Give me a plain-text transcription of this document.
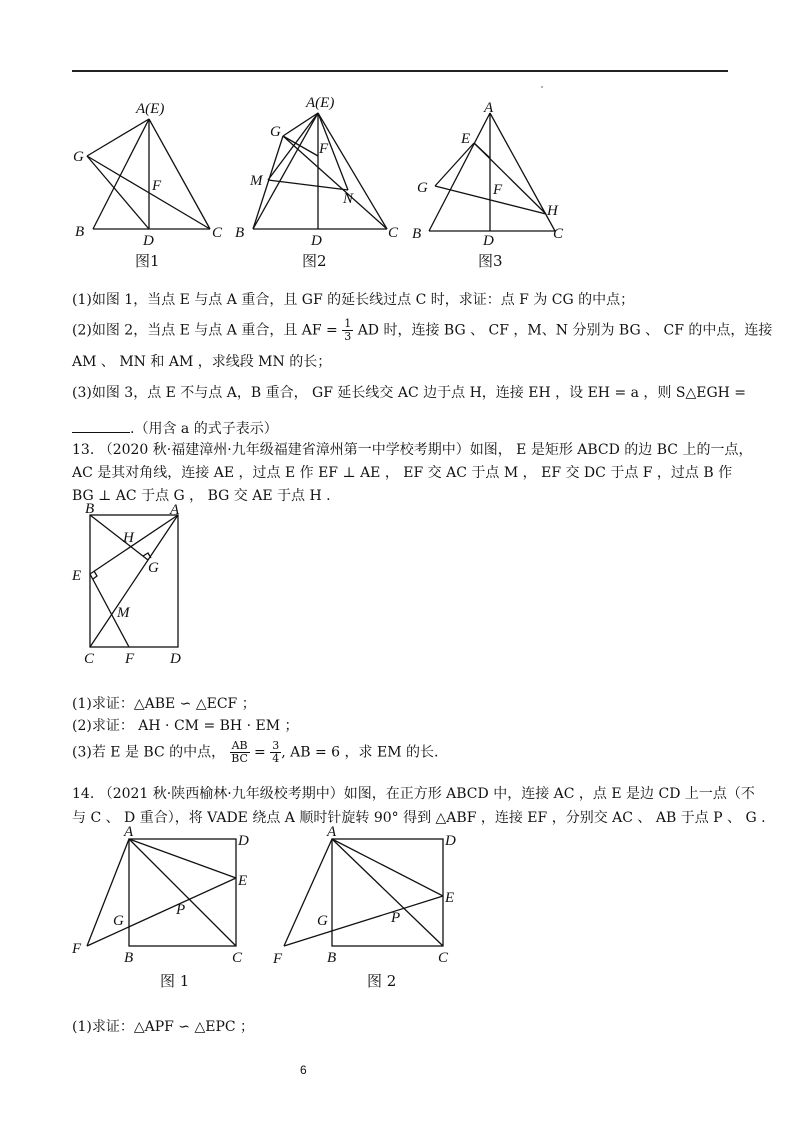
A(E)
G
F
B
D	C
图1
A(E)
G
F
M
N
B	D	C
图2
A
E
G	F
H
B	D	C
图3
(1)如图 1，当点 E 与点 A 重合，且 GF 的延长线过点 C 时，求证：点 F 为 CG 的中点；
(2)如图 2，当点 E 与点 A 重合，且 AF = $\frac{1}{3}$ AD 时，连接 BG 、 CF ，M、N 分别为 BG 、 CF 的中点，连接
AM 、 MN 和 AM ，求线段 MN 的长；
(3)如图 3，点 E 不与点 A，B 重合， GF 延长线交 AC 边于点 H，连接 EH ，设 EH = a ，则 S△EGH =
.（用含 a 的式子表示）
13. （2020 秋·福建漳州·九年级福建省漳州第一中学校考期中）如图， E 是矩形 ABCD 的边 BC 上的一点，
AC 是其对角线，连接 AE ，过点 E 作 EF ⊥ AE ， EF 交 AC 于点 M ， EF 交 DC 于点 F ，过点 B 作
BG ⊥ AC 于点 G ， BG 交 AE 于点 H .
B	A
H
G
E
M
C F D
(1)求证：△ABE ∽ △ECF ；
(2)求证： AH · CM = BH · EM ；
(3)若 E 是 BC 的中点， $\frac{AB}{BC} = \frac{3}{4}$ , AB = 6 ，求 EM 的长.
14. （2021 秋·陕西榆林·九年级校考期中）如图，在正方形 ABCD 中，连接 AC ，点 E 是边 CD 上一点（不
与 C 、 D 重合），将 VADE 绕点 A 顺时针旋转 90° 得到 △ABF ，连接 EF ，分别交 AC 、 AB 于点 P 、 G .
A
D
E
G
P
F
B	C
图 1
A
D
E
G	P
F	B	C
图 2
(1)求证：△APF ∽ △EPC ；
6
